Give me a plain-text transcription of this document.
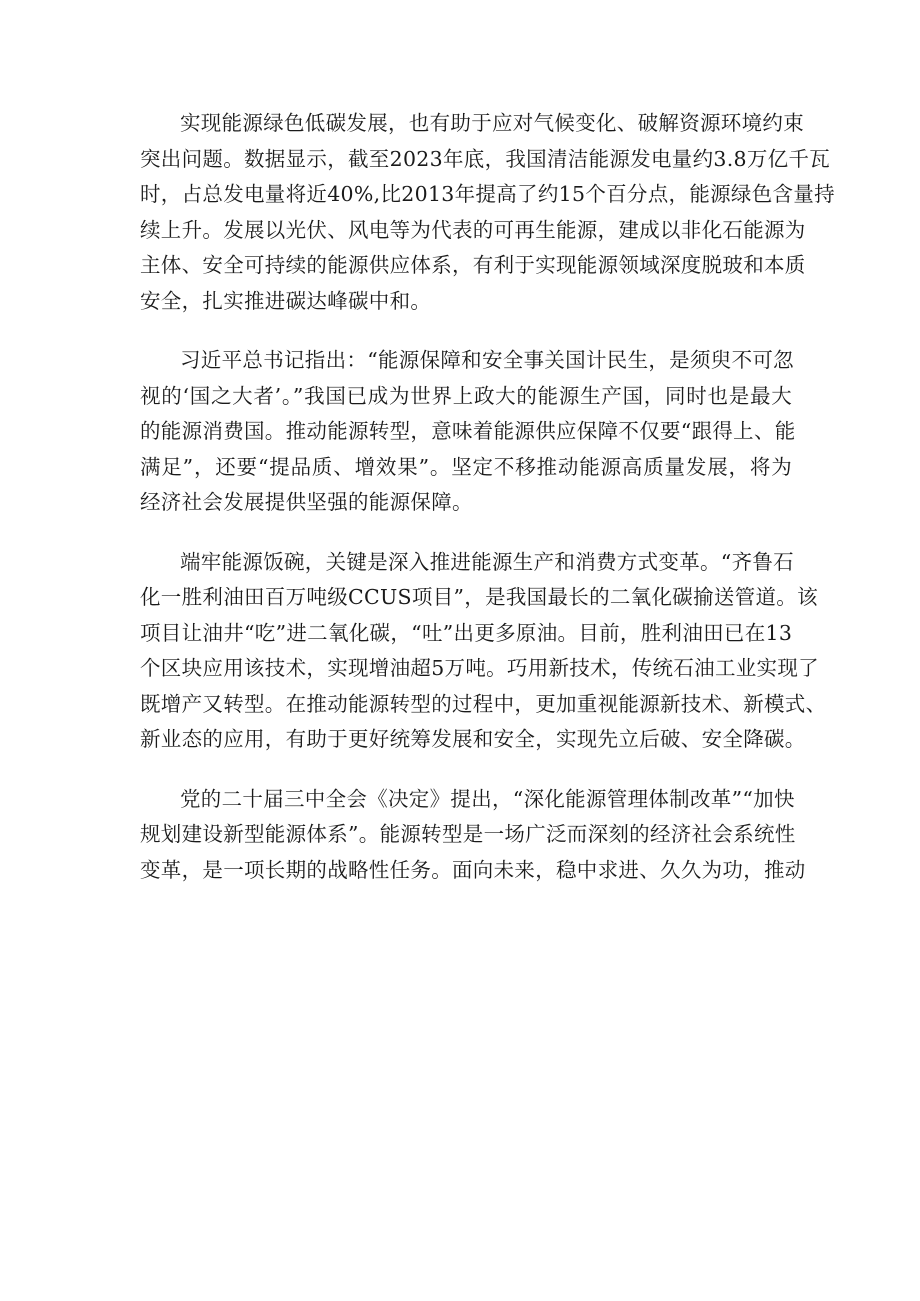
实现能源绿色低碳发展，也有助于应对气候变化、破解资源环境约束
突出问题。数据显示，截至2023年底，我国清洁能源发电量约3.8万亿千瓦
时，占总发电量将近40%,比2013年提高了约15个百分点，能源绿色含量持
续上升。发展以光伏、风电等为代表的可再生能源，建成以非化石能源为
主体、安全可持续的能源供应体系，有利于实现能源领域深度脱玻和本质
安全，扎实推进碳达峰碳中和。
习近平总书记指出：“能源保障和安全事关国计民生，是须臾不可忽
视的‘国之大者’。”我国已成为世界上政大的能源生产国，同时也是最大
的能源消费国。推动能源转型，意味着能源供应保障不仅要“跟得上、能
满足”，还要“提品质、增效果”。坚定不移推动能源高质量发展，将为
经济社会发展提供坚强的能源保障。
端牢能源饭碗，关键是深入推进能源生产和消费方式变革。“齐鲁石
化一胜利油田百万吨级CCUS项目”，是我国最长的二氧化碳揄送管道。该
项目让油井“吃”进二氧化碳，“吐”出更多原油。目前，胜利油田已在13
个区块应用该技术，实现增油超5万吨。巧用新技术，传统石油工业实现了
既增产又转型。在推动能源转型的过程中，更加重视能源新技术、新模式、
新业态的应用，有助于更好统筹发展和安全，实现先立后破、安全降碳。
党的二十届三中全会《决定》提出，“深化能源管理体制改革”“加快
规划建设新型能源体系”。能源转型是一场广泛而深刻的经济社会系统性
变革，是一项长期的战略性任务。面向未来，稳中求进、久久为功，推动
